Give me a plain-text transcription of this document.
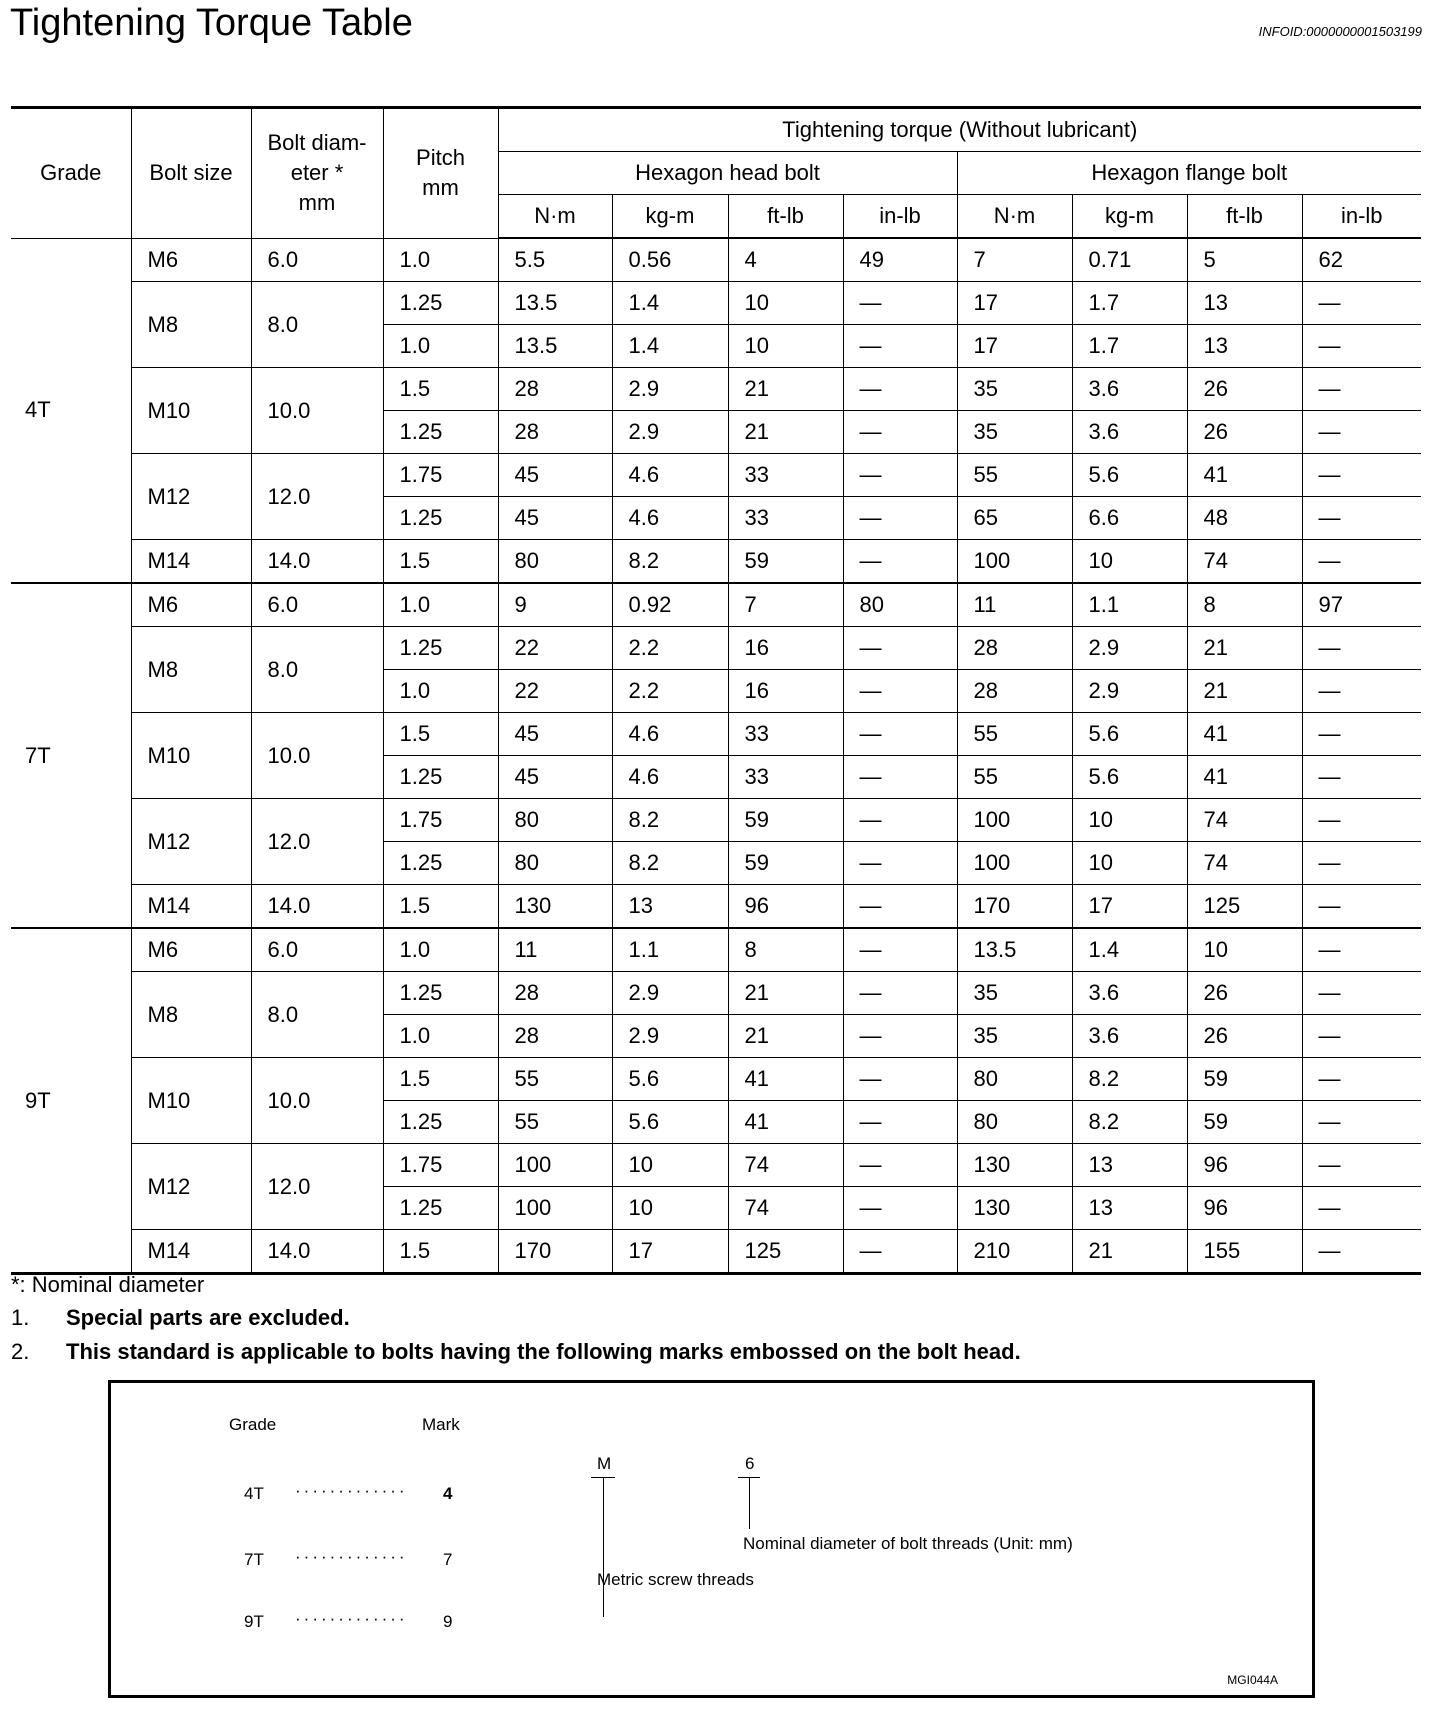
Tightening Torque Table	INFOID:0000000001503199
Grade	Bolt size	Bolt diam-
eter *
mm	Pitch
mm	Tightening torque (Without lubricant)							
				Hexagon head bolt				Hexagon flange bolt			
				N·m	kg-m	ft-lb	in-lb	N·m	kg-m	ft-lb	in-lb
4T	M6	6.0	1.0	5.5	0.56	4	49	7	0.71	5	62
	M8	8.0	1.25	13.5	1.4	10	—	17	1.7	13	—
			1.0	13.5	1.4	10	—	17	1.7	13	—
	M10	10.0	1.5	28	2.9	21	—	35	3.6	26	—
			1.25	28	2.9	21	—	35	3.6	26	—
	M12	12.0	1.75	45	4.6	33	—	55	5.6	41	—
			1.25	45	4.6	33	—	65	6.6	48	—
	M14	14.0	1.5	80	8.2	59	—	100	10	74	—
7T	M6	6.0	1.0	9	0.92	7	80	11	1.1	8	97
	M8	8.0	1.25	22	2.2	16	—	28	2.9	21	—
			1.0	22	2.2	16	—	28	2.9	21	—
	M10	10.0	1.5	45	4.6	33	—	55	5.6	41	—
			1.25	45	4.6	33	—	55	5.6	41	—
	M12	12.0	1.75	80	8.2	59	—	100	10	74	—
			1.25	80	8.2	59	—	100	10	74	—
	M14	14.0	1.5	130	13	96	—	170	17	125	—
9T	M6	6.0	1.0	11	1.1	8	—	13.5	1.4	10	—
	M8	8.0	1.25	28	2.9	21	—	35	3.6	26	—
			1.0	28	2.9	21	—	35	3.6	26	—
	M10	10.0	1.5	55	5.6	41	—	80	8.2	59	—
			1.25	55	5.6	41	—	80	8.2	59	—
	M12	12.0	1.75	100	10	74	—	130	13	96	—
			1.25	100	10	74	—	130	13	96	—
	M14	14.0	1.5	170	17	125	—	210	21	155	—
*: Nominal diameter
1. Special parts are excluded.
2. This standard is applicable to bolts having the following marks embossed on the bolt head.
Grade	Mark
4T ············· 4
7T ············· 7
9T ············· 9
M	6
Nominal diameter of bolt threads (Unit: mm)
Metric screw threads
MGI044A
